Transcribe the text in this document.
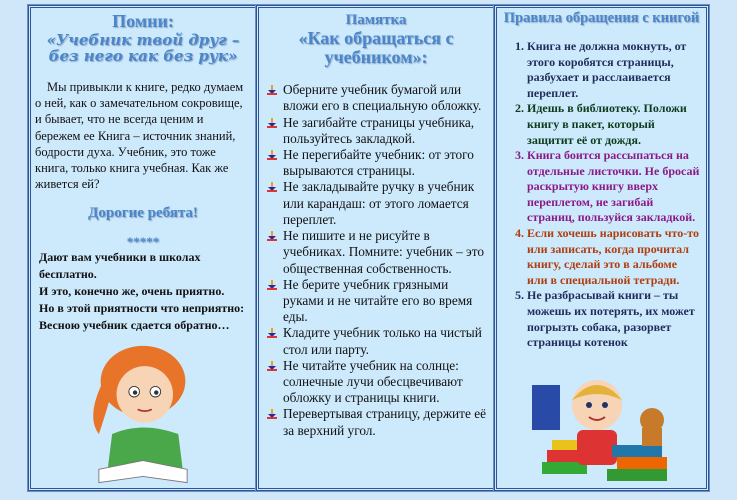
Помни:
«Учебник твой друг – без него как без рук»
Мы привыкли к книге, редко думаем о ней, как о замечательном сокровище, и бывает, что не всегда ценим и бережем ее Книга – источник знаний, бодрости духа. Учебник, это тоже книга, только книга учебная. Как же живется ей?
Дорогие ребята!
*****
Дают вам учебники в школах бесплатно.
И это, конечно же, очень приятно.
Но в этой приятности что неприятно:
Весною учебник сдается обратно…
Памятка
«Как обращаться с учебником»:
Оберните учебник бумагой или вложи его в специальную обложку.
Не загибайте страницы учебника, пользуйтесь закладкой.
Не перегибайте учебник: от этого вырываются страницы.
Не закладывайте ручку в учебник или карандаш: от этого ломается переплет.
Не пишите и не рисуйте в учебниках. Помните: учебник – это общественная собственность.
Не берите учебник грязными руками и не читайте его во время еды.
Кладите учебник только на чистый стол или парту.
Не читайте учебник на солнце: солнечные лучи обесцвечивают обложку и страницы книги.
Перевертывая страницу, держите её за верхний угол.
Правила обращения с книгой
1. Книга не должна мокнуть, от этого коробятся страницы, разбухает и расслаивается переплет.
2. Идешь в библиотеку. Положи книгу в пакет, который защитит её от дождя.
3. Книга боится рассыпаться на отдельные листочки. Не бросай раскрытую книгу вверх переплетом, не загибай страниц, пользуйся закладкой.
4. Если хочешь нарисовать что-то или записать, когда прочитал книгу, сделай это в альбоме или в специальной тетради.
5. Не разбрасывай книги – ты можешь их потерять, их может погрызть собака, разорвет страницы котенок
